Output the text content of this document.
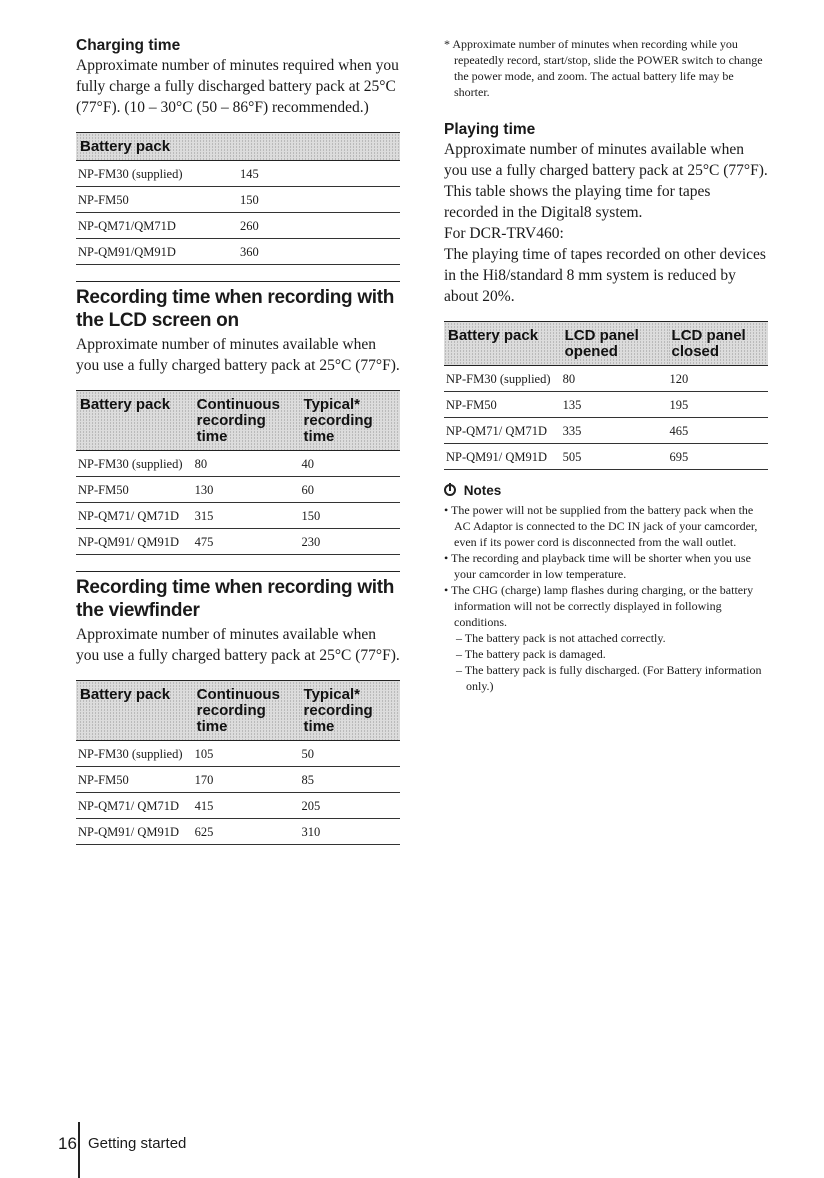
Charging time

Approximate number of minutes required when you fully charge a fully discharged battery pack at 25°C (77°F). (10 – 30°C (50 – 86°F) recommended.)

Battery pack	
NP-FM30 (supplied)	145
NP-FM50	150
NP-QM71/QM71D	260
NP-QM91/QM91D	360
Recording time when recording with the LCD screen on

Approximate number of minutes available when you use a fully charged battery pack at 25°C (77°F).

Battery pack	Continuous recording time	Typical* recording time
NP-FM30 (supplied)	80	40
NP-FM50	130	60
NP-QM71/ QM71D	315	150
NP-QM91/ QM91D	475	230
Recording time when recording with the viewfinder

Approximate number of minutes available when you use a fully charged battery pack at 25°C (77°F).

Battery pack	Continuous recording time	Typical* recording time
NP-FM30 (supplied)	105	50
NP-FM50	170	85
NP-QM71/ QM71D	415	205
NP-QM91/ QM91D	625	310

* Approximate number of minutes when recording while you repeatedly record, start/stop, slide the POWER switch to change the power mode, and zoom. The actual battery life may be shorter.

Playing time

Approximate number of minutes available when you use a fully charged battery pack at 25°C (77°F).

This table shows the playing time for tapes recorded in the Digital8 system.

For DCR-TRV460:

The playing time of tapes recorded on other devices in the Hi8/standard 8 mm system is reduced by about 20%.

Battery pack	LCD panel opened	LCD panel closed
NP-FM30 (supplied)	80	120
NP-FM50	135	195
NP-QM71/ QM71D	335	465
NP-QM91/ QM91D	505	695
Notes

• The power will not be supplied from the battery pack when the AC Adaptor is connected to the DC IN jack of your camcorder, even if its power cord is disconnected from the wall outlet.

• The recording and playback time will be shorter when you use your camcorder in low temperature.

• The CHG (charge) lamp flashes during charging, or the battery information will not be correctly displayed in following conditions.

– The battery pack is not attached correctly.

– The battery pack is damaged.

– The battery pack is fully discharged. (For Battery information only.)

16 Getting started
